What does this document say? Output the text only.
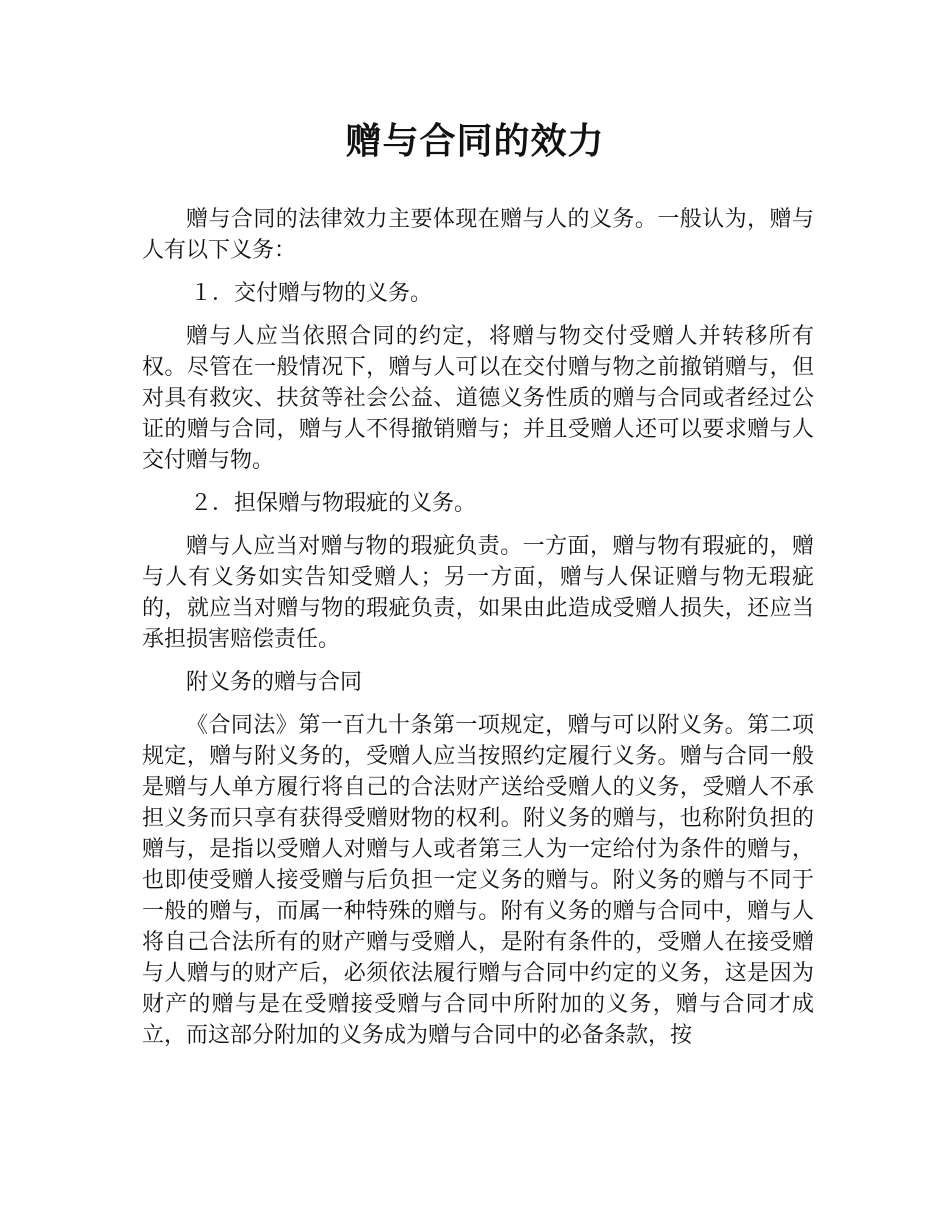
赠与合同的效力

赠与合同的法律效力主要体现在赠与人的义务。一般认为，赠与人有以下义务：

１．交付赠与物的义务。

赠与人应当依照合同的约定，将赠与物交付受赠人并转移所有权。尽管在一般情况下，赠与人可以在交付赠与物之前撤销赠与，但对具有救灾、扶贫等社会公益、道德义务性质的赠与合同或者经过公证的赠与合同，赠与人不得撤销赠与；并且受赠人还可以要求赠与人交付赠与物。

２．担保赠与物瑕疵的义务。

赠与人应当对赠与物的瑕疵负责。一方面，赠与物有瑕疵的，赠与人有义务如实告知受赠人；另一方面，赠与人保证赠与物无瑕疵的，就应当对赠与物的瑕疵负责，如果由此造成受赠人损失，还应当承担损害赔偿责任。

附义务的赠与合同

《合同法》第一百九十条第一项规定，赠与可以附义务。第二项规定，赠与附义务的，受赠人应当按照约定履行义务。赠与合同一般是赠与人单方履行将自己的合法财产送给受赠人的义务，受赠人不承担义务而只享有获得受赠财物的权利。附义务的赠与，也称附负担的赠与，是指以受赠人对赠与人或者第三人为一定给付为条件的赠与，也即使受赠人接受赠与后负担一定义务的赠与。附义务的赠与不同于一般的赠与，而属一种特殊的赠与。附有义务的赠与合同中，赠与人将自己合法所有的财产赠与受赠人，是附有条件的，受赠人在接受赠与人赠与的财产后，必须依法履行赠与合同中约定的义务，这是因为财产的赠与是在受赠接受赠与合同中所附加的义务，赠与合同才成立，而这部分附加的义务成为赠与合同中的必备条款，按
